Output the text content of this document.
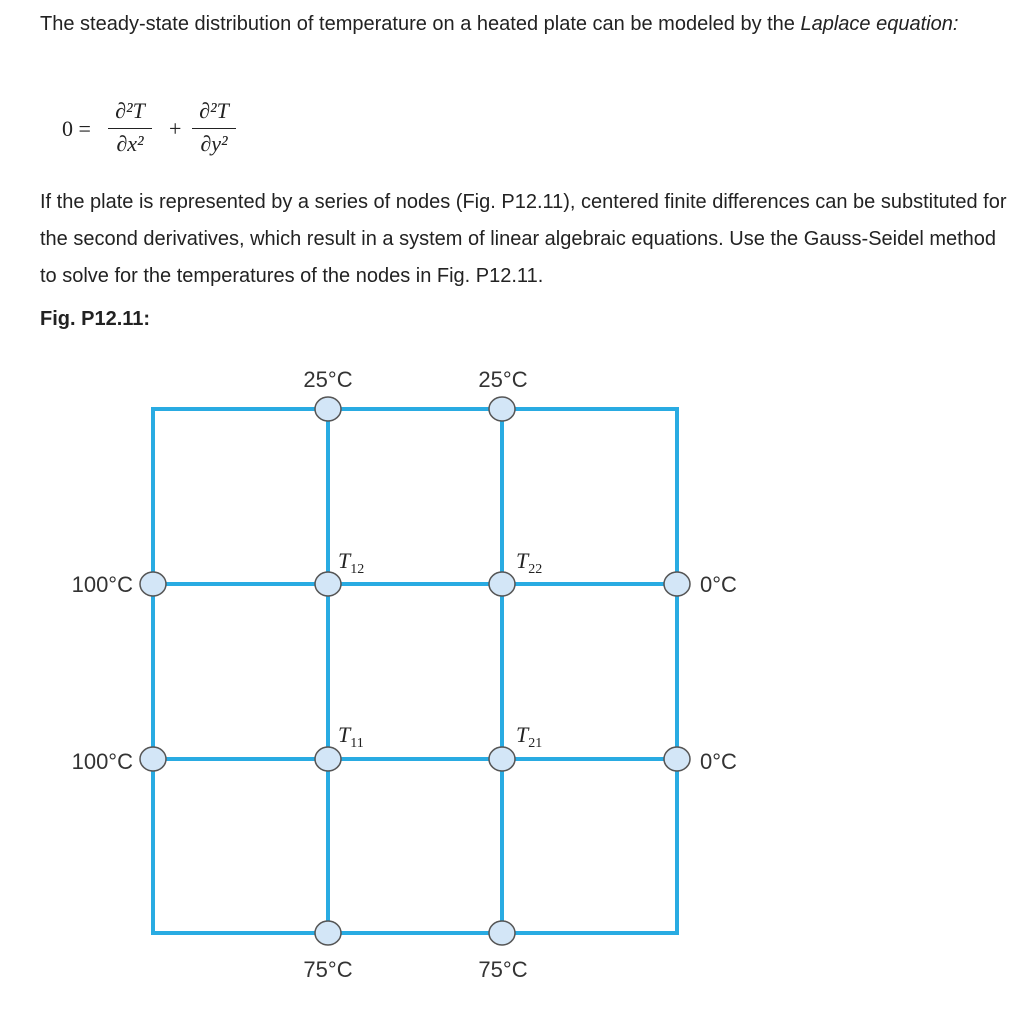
The steady-state distribution of temperature on a heated plate can be modeled by the Laplace equation:

0 =
∂²T
∂x²
+
∂²T
∂y²

If the plate is represented by a series of nodes (Fig. P12.11), centered finite differences can be substituted for the second derivatives, which result in a system of linear algebraic equations. Use the Gauss-Seidel method to solve for the temperatures of the nodes in Fig. P12.11.

Fig. P12.11:
25°C	25°C
100°C
100°C
0°C
0°C
75°C	75°C
$T_{12}$	$T_{22}$
$T_{11}$	$T_{21}$
